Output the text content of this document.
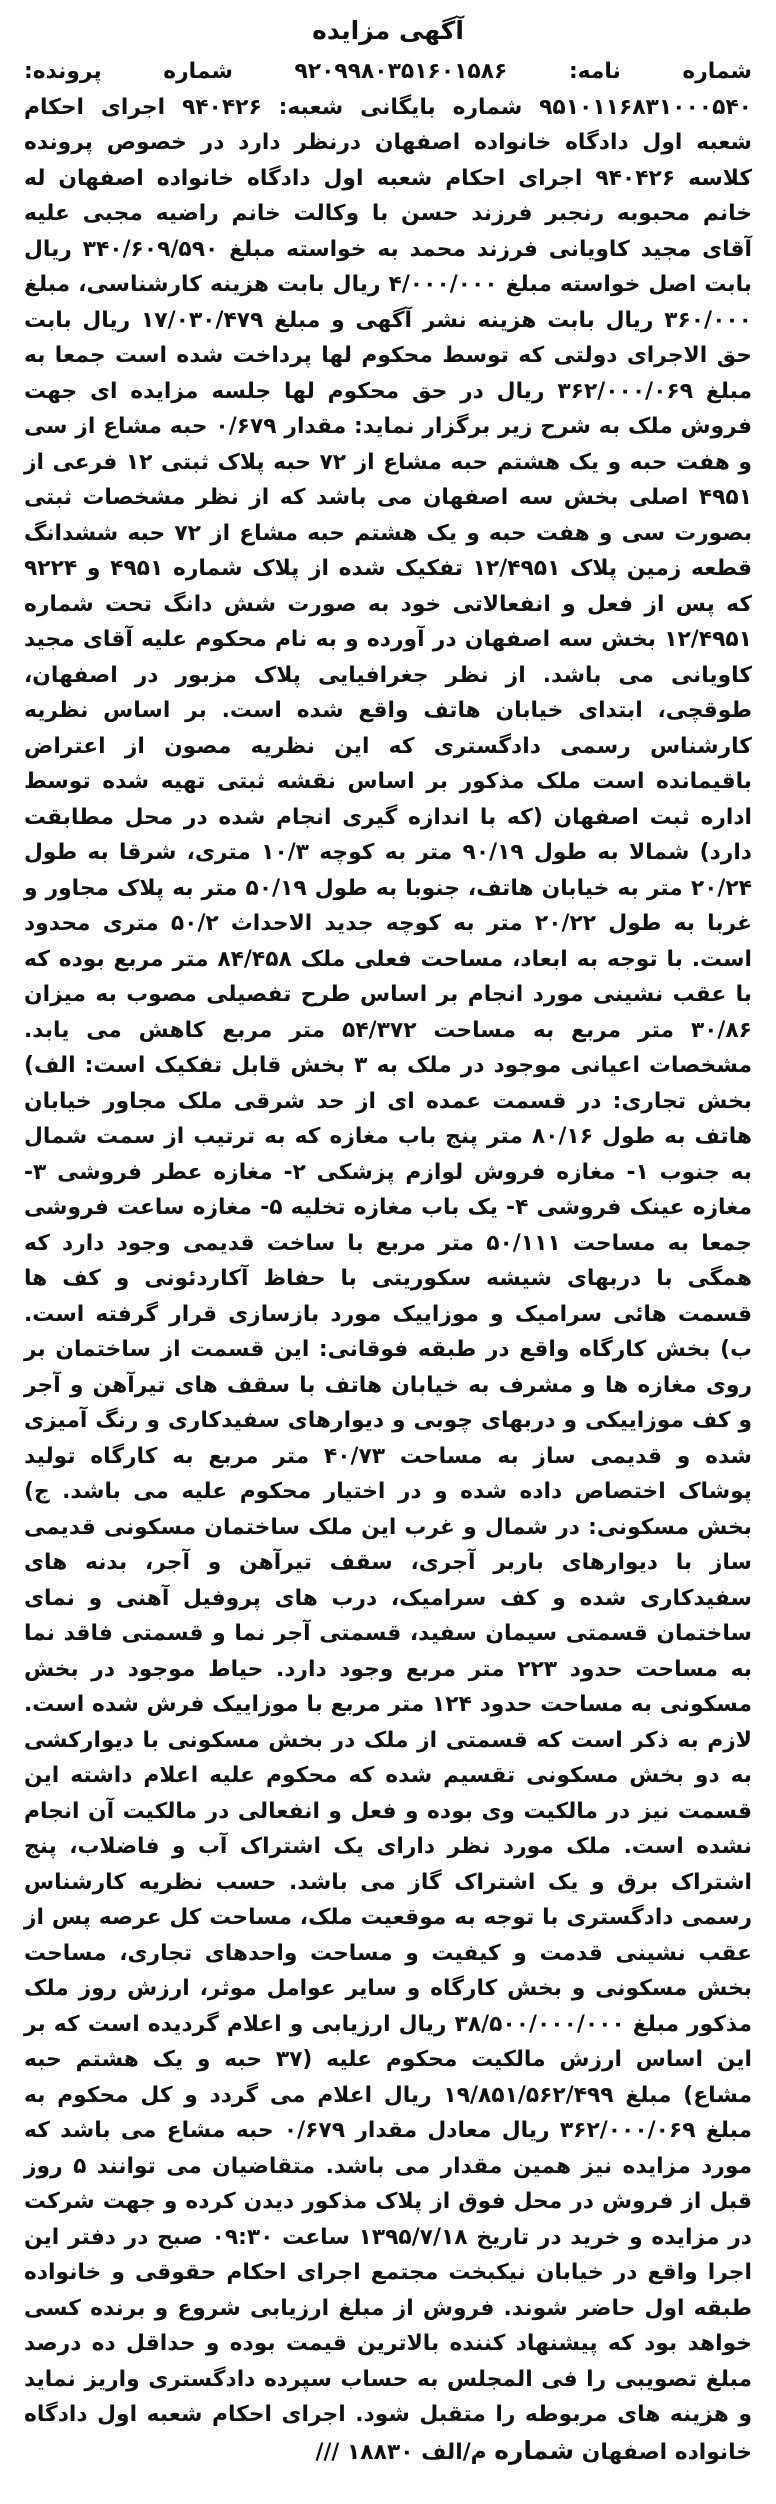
آگهی مزایده

شماره نامه: ۹۲۰۹۹۸۰۳۵۱۶۰۱۵۸۶ شماره پرونده: ۹۵۱۰۱۱۶۸۳۱۰۰۰۵۴۰ شماره بایگانی شعبه: ۹۴۰۴۲۶ اجرای احکام شعبه اول دادگاه خانواده اصفهان درنظر دارد در خصوص پرونده کلاسه ۹۴۰۴۲۶ اجرای احکام شعبه اول دادگاه خانواده اصفهان له خانم محبوبه رنجبر فرزند حسن با وکالت خانم راضیه مجبی علیه آقای مجید کاویانی فرزند محمد به خواسته مبلغ ۳۴۰/۶۰۹/۵۹۰ ریال بابت اصل خواسته مبلغ ۴/۰۰۰/۰۰۰ ریال بابت هزینه کارشناسی، مبلغ ۳۶۰/۰۰۰ ریال بابت هزینه نشر آگهی و مبلغ ۱۷/۰۳۰/۴۷۹ ریال بابت حق الاجرای دولتی که توسط محکوم لها پرداخت شده است جمعا به مبلغ ۳۶۲/۰۰۰/۰۶۹ ریال در حق محکوم لها جلسه مزایده ای جهت فروش ملک به شرح زیر برگزار نماید: مقدار ۰/۶۷۹ حبه مشاع از سی و هفت حبه و یک هشتم حبه مشاع از ۷۲ حبه پلاک ثبتی ۱۲ فرعی از ۴۹۵۱ اصلی بخش سه اصفهان می باشد که از نظر مشخصات ثبتی بصورت سی و هفت حبه و یک هشتم حبه مشاع از ۷۲ حبه ششدانگ قطعه زمین پلاک ۱۲/۴۹۵۱ تفکیک شده از پلاک شماره ۴۹۵۱ و ۹۲۲۴ که پس از فعل و انفعالاتی خود به صورت شش دانگ تحت شماره ۱۲/۴۹۵۱ بخش سه اصفهان در آورده و به نام محکوم علیه آقای مجید کاویانی می باشد. از نظر جغرافیایی پلاک مزبور در اصفهان، طوقچی، ابتدای خیابان هاتف واقع شده است. بر اساس نظریه کارشناس رسمی دادگستری که این نظریه مصون از اعتراض باقیمانده است ملک مذکور بر اساس نقشه ثبتی تهیه شده توسط اداره ثبت اصفهان (که با اندازه گیری انجام شده در محل مطابقت دارد) شمالا به طول ۹۰/۱۹ متر به کوچه ۱۰/۳ متری، شرقا به طول ۲۰/۲۴ متر به خیابان هاتف، جنوبا به طول ۵۰/۱۹ متر به پلاک مجاور و غربا به طول ۲۰/۲۲ متر به کوچه جدید الاحداث ۵۰/۲ متری محدود است. با توجه به ابعاد، مساحت فعلی ملک ۸۴/۴۵۸ متر مربع بوده که با عقب نشینی مورد انجام بر اساس طرح تفصیلی مصوب به میزان ۳۰/۸۶ متر مربع به مساحت ۵۴/۳۷۲ متر مربع کاهش می یابد. مشخصات اعیانی موجود در ملک به ۳ بخش قابل تفکیک است: الف) بخش تجاری: در قسمت عمده ای از حد شرقی ملک مجاور خیابان هاتف به طول ۸۰/۱۶ متر پنج باب مغازه که به ترتیب از سمت شمال به جنوب ۱- مغازه فروش لوازم پزشکی ۲- مغازه عطر فروشی ۳- مغازه عینک فروشی ۴- یک باب مغازه تخلیه ۵- مغازه ساعت فروشی جمعا به مساحت ۵۰/۱۱۱ متر مربع با ساخت قدیمی وجود دارد که همگی با دربهای شیشه سکوریتی با حفاظ آکاردئونی و کف ها قسمت هائی سرامیک و موزاییک مورد بازسازی قرار گرفته است. ب) بخش کارگاه واقع در طبقه فوقانی: این قسمت از ساختمان بر روی مغازه ها و مشرف به خیابان هاتف با سقف های تیرآهن و آجر و کف موزاییکی و دربهای چوبی و دیوارهای سفیدکاری و رنگ آمیزی شده و قدیمی ساز به مساحت ۴۰/۷۳ متر مربع به کارگاه تولید پوشاک اختصاص داده شده و در اختیار محکوم علیه می باشد. ج) بخش مسکونی: در شمال و غرب این ملک ساختمان مسکونی قدیمی ساز با دیوارهای باربر آجری، سقف تیرآهن و آجر، بدنه های سفیدکاری شده و کف سرامیک، درب های پروفیل آهنی و نمای ساختمان قسمتی سیمان سفید، قسمتی آجر نما و قسمتی فاقد نما به مساحت حدود ۲۲۳ متر مربع وجود دارد. حیاط موجود در بخش مسکونی به مساحت حدود ۱۲۴ متر مربع با موزاییک فرش شده است. لازم به ذکر است که قسمتی از ملک در بخش مسکونی با دیوارکشی به دو بخش مسکونی تقسیم شده که محکوم علیه اعلام داشته این قسمت نیز در مالکیت وی بوده و فعل و انفعالی در مالکیت آن انجام نشده است. ملک مورد نظر دارای یک اشتراک آب و فاضلاب، پنج اشتراک برق و یک اشتراک گاز می باشد. حسب نظریه کارشناس رسمی دادگستری با توجه به موقعیت ملک، مساحت کل عرصه پس از عقب نشینی قدمت و کیفیت و مساحت واحدهای تجاری، مساحت بخش مسکونی و بخش کارگاه و سایر عوامل موثر، ارزش روز ملک مذکور مبلغ ۳۸/۵۰۰/۰۰۰/۰۰۰ ریال ارزیابی و اعلام گردیده است که بر این اساس ارزش مالکیت محکوم علیه (۳۷ حبه و یک هشتم حبه مشاع) مبلغ ۱۹/۸۵۱/۵۶۲/۴۹۹ ریال اعلام می گردد و کل محکوم به مبلغ ۳۶۲/۰۰۰/۰۶۹ ریال معادل مقدار ۰/۶۷۹ حبه مشاع می باشد که مورد مزایده نیز همین مقدار می باشد. متقاضیان می توانند ۵ روز قبل از فروش در محل فوق از پلاک مذکور دیدن کرده و جهت شرکت در مزایده و خرید در تاریخ ۱۳۹۵/۷/۱۸ ساعت ۰۹:۳۰ صبح در دفتر این اجرا واقع در خیابان نیکبخت مجتمع اجرای احکام حقوقی و خانواده طبقه اول حاضر شوند. فروش از مبلغ ارزیابی شروع و برنده کسی خواهد بود که پیشنهاد کننده بالاترین قیمت بوده و حداقل ده درصد مبلغ تصویبی را فی المجلس به حساب سپرده دادگستری واریز نماید و هزینه های مربوطه را متقبل شود. اجرای احکام شعبه اول دادگاه خانواده اصفهان شماره م/الف ۱۸۸۳۰ ///
